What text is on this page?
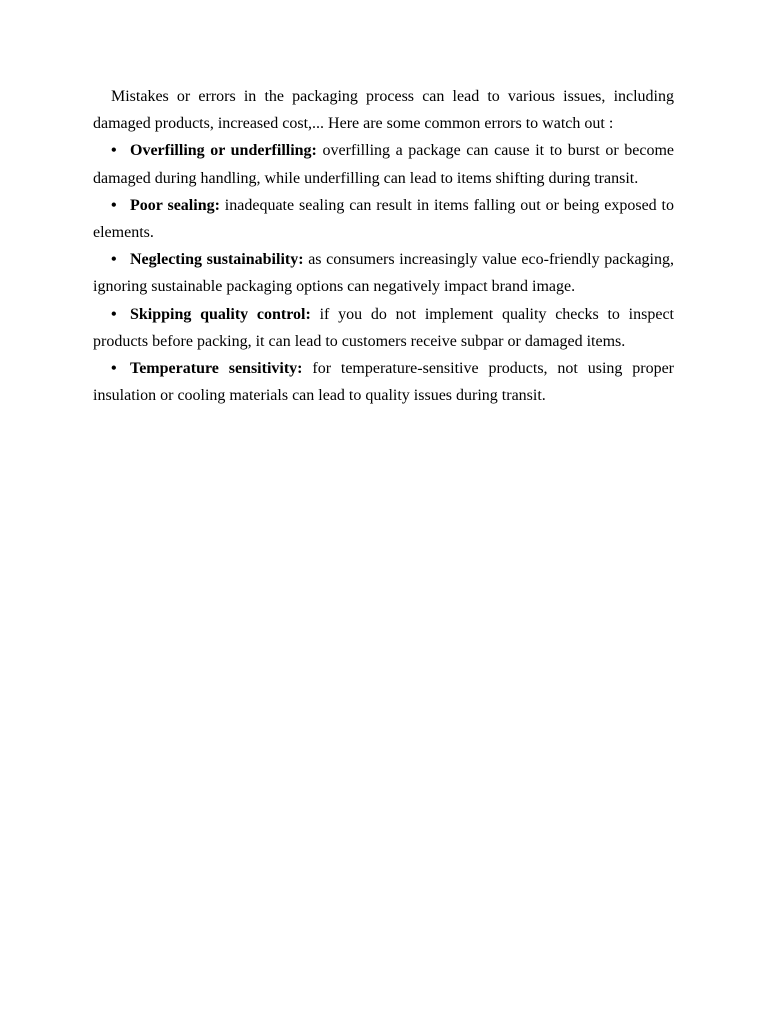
Mistakes or errors in the packaging process can lead to various issues, including damaged products, increased cost,... Here are some common errors to watch out :

• Overfilling or underfilling: overfilling a package can cause it to burst or become damaged during handling, while underfilling can lead to items shifting during transit.
• Poor sealing: inadequate sealing can result in items falling out or being exposed to elements.
• Neglecting sustainability: as consumers increasingly value eco-friendly packaging, ignoring sustainable packaging options can negatively impact brand image.
• Skipping quality control: if you do not implement quality checks to inspect products before packing, it can lead to customers receive subpar or damaged items.
• Temperature sensitivity: for temperature-sensitive products, not using proper insulation or cooling materials can lead to quality issues during transit.
